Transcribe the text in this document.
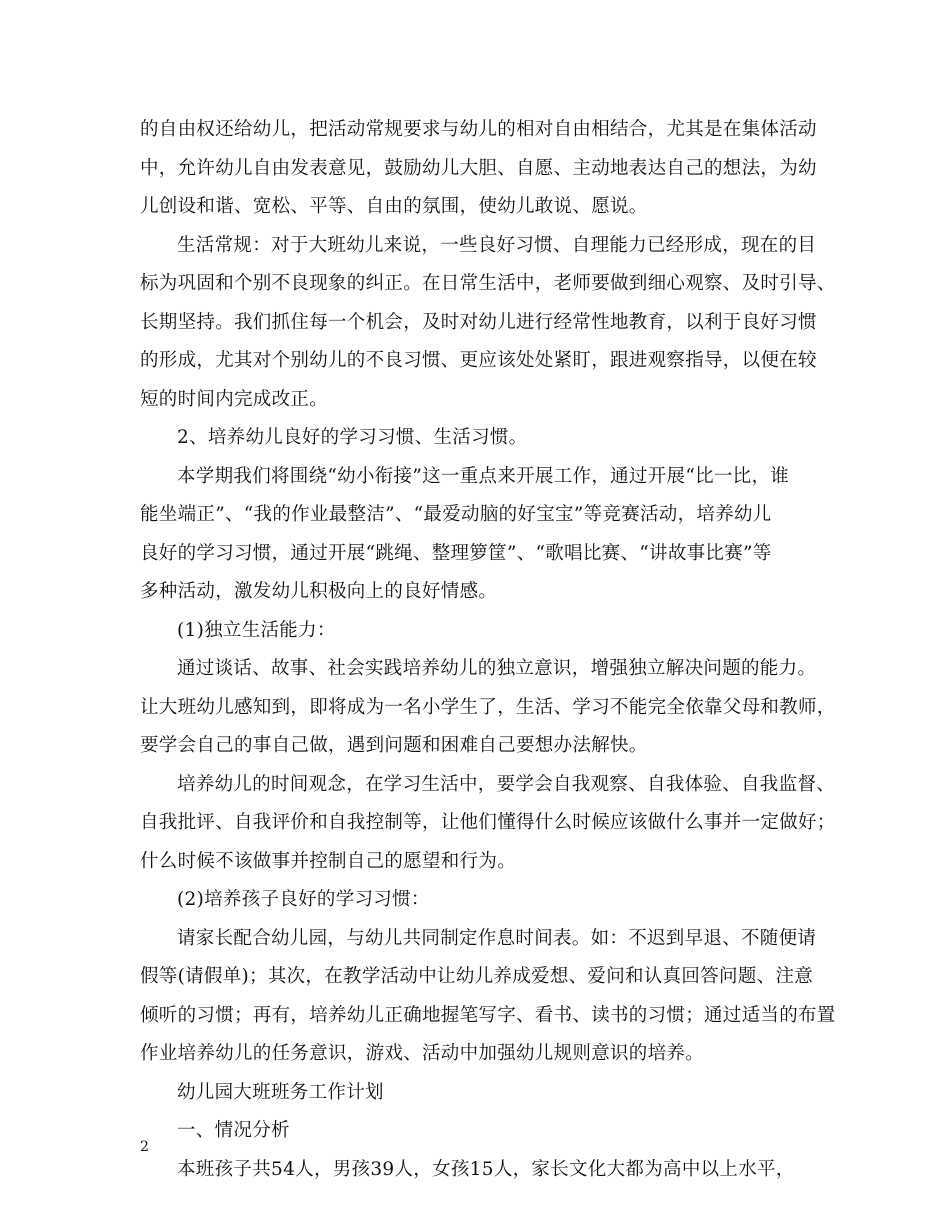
的自由权还给幼儿，把活动常规要求与幼儿的相对自由相结合，尤其是在集体活动
中，允许幼儿自由发表意见，鼓励幼儿大胆、自愿、主动地表达自己的想法，为幼
儿创设和谐、宽松、平等、自由的氛围，使幼儿敢说、愿说。
生活常规：对于大班幼儿来说，一些良好习惯、自理能力已经形成，现在的目
标为巩固和个别不良现象的纠正。在日常生活中，老师要做到细心观察、及时引导、
长期坚持。我们抓住每一个机会，及时对幼儿进行经常性地教育，以利于良好习惯
的形成，尤其对个别幼儿的不良习惯、更应该处处紧盯，跟进观察指导，以便在较
短的时间内完成改正。
2、培养幼儿良好的学习习惯、生活习惯。
本学期我们将围绕“幼小衔接”这一重点来开展工作，通过开展“比一比，谁
能坐端正”、“我的作业最整洁”、“最爱动脑的好宝宝”等竞赛活动，培养幼儿
良好的学习习惯，通过开展“跳绳、整理箩筐”、“歌唱比赛、“讲故事比赛”等
多种活动，激发幼儿积极向上的良好情感。
(1)独立生活能力：
通过谈话、故事、社会实践培养幼儿的独立意识，增强独立解决问题的能力。
让大班幼儿感知到，即将成为一名小学生了，生活、学习不能完全依靠父母和教师，
要学会自己的事自己做，遇到问题和困难自己要想办法解快。
培养幼儿的时间观念，在学习生活中，要学会自我观察、自我体验、自我监督、
自我批评、自我评价和自我控制等，让他们懂得什么时候应该做什么事并一定做好；
什么时候不该做事并控制自己的愿望和行为。
(2)培养孩子良好的学习习惯：
请家长配合幼儿园，与幼儿共同制定作息时间表。如：不迟到早退、不随便请
假等(请假单)；其次，在教学活动中让幼儿养成爱想、爱问和认真回答问题、注意
倾听的习惯；再有，培养幼儿正确地握笔写字、看书、读书的习惯；通过适当的布置
作业培养幼儿的任务意识，游戏、活动中加强幼儿规则意识的培养。
幼儿园大班班务工作计划
一、情况分析
本班孩子共54人，男孩39人，女孩15人，家长文化大都为高中以上水平，
2
